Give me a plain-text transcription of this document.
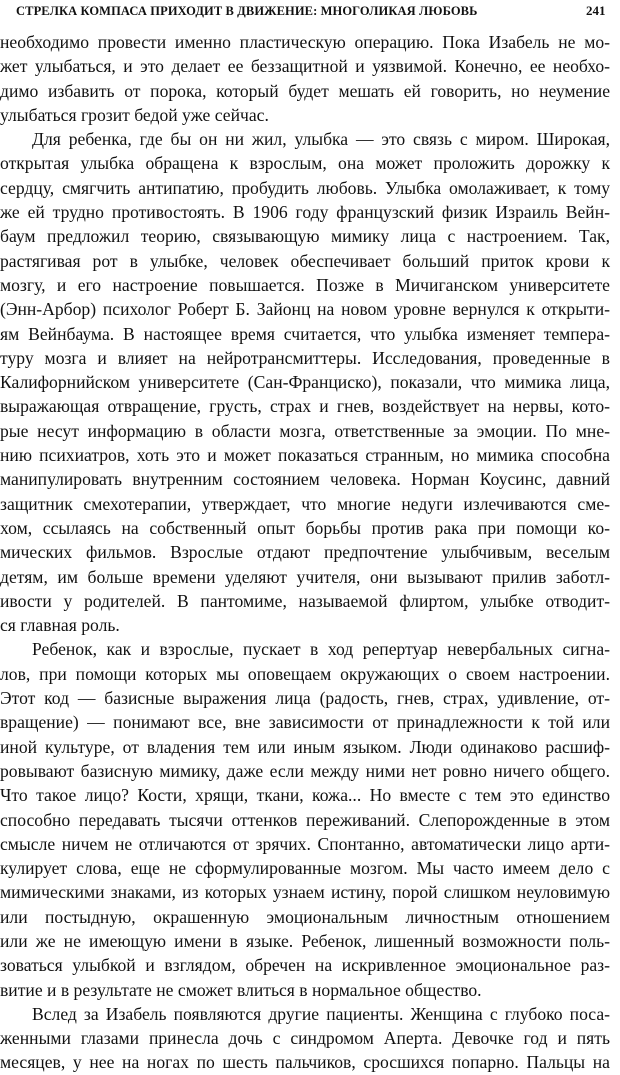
СТРЕЛКА КОМПАСА ПРИХОДИТ В ДВИЖЕНИЕ: МНОГОЛИКАЯ ЛЮБОВЬ	241
необходимо провести именно пластическую операцию. Пока Изабель не мо-
жет улыбаться, и это делает ее беззащитной и уязвимой. Конечно, ее необхо-
димо избавить от порока, который будет мешать ей говорить, но неумение
улыбаться грозит бедой уже сейчас.
Для ребенка, где бы он ни жил, улыбка — это связь с миром. Широкая,
открытая улыбка обращена к взрослым, она может проложить дорожку к
сердцу, смягчить антипатию, пробудить любовь. Улыбка омолаживает, к тому
же ей трудно противостоять. В 1906 году французский физик Израиль Вейн-
баум предложил теорию, связывающую мимику лица с настроением. Так,
растягивая рот в улыбке, человек обеспечивает больший приток крови к
мозгу, и его настроение повышается. Позже в Мичиганском университете
(Энн-Арбор) психолог Роберт Б. Зайонц на новом уровне вернулся к открыти-
ям Вейнбаума. В настоящее время считается, что улыбка изменяет темпера-
туру мозга и влияет на нейротрансмиттеры. Исследования, проведенные в
Калифорнийском университете (Сан-Франциско), показали, что мимика лица,
выражающая отвращение, грусть, страх и гнев, воздействует на нервы, кото-
рые несут информацию в области мозга, ответственные за эмоции. По мне-
нию психиатров, хоть это и может показаться странным, но мимика способна
манипулировать внутренним состоянием человека. Норман Коусинс, давний
защитник смехотерапии, утверждает, что многие недуги излечиваются сме-
хом, ссылаясь на собственный опыт борьбы против рака при помощи ко-
мических фильмов. Взрослые отдают предпочтение улыбчивым, веселым
детям, им больше времени уделяют учителя, они вызывают прилив заботл-
ивости у родителей. В пантомиме, называемой флиртом, улыбке отводит-
ся главная роль.
Ребенок, как и взрослые, пускает в ход репертуар невербальных сигна-
лов, при помощи которых мы оповещаем окружающих о своем настроении.
Этот код — базисные выражения лица (радость, гнев, страх, удивление, от-
вращение) — понимают все, вне зависимости от принадлежности к той или
иной культуре, от владения тем или иным языком. Люди одинаково расшиф-
ровывают базисную мимику, даже если между ними нет ровно ничего общего.
Что такое лицо? Кости, хрящи, ткани, кожа... Но вместе с тем это единство
способно передавать тысячи оттенков переживаний. Слепорожденные в этом
смысле ничем не отличаются от зрячих. Спонтанно, автоматически лицо арти-
кулирует слова, еще не сформулированные мозгом. Мы часто имеем дело с
мимическими знаками, из которых узнаем истину, порой слишком неуловимую
или постыдную, окрашенную эмоциональным личностным отношением
или же не имеющую имени в языке. Ребенок, лишенный возможности поль-
зоваться улыбкой и взглядом, обречен на искривленное эмоциональное раз-
витие и в результате не сможет влиться в нормальное общество.
Вслед за Изабель появляются другие пациенты. Женщина с глубоко поса-
женными глазами принесла дочь с синдромом Аперта. Девочке год и пять
месяцев, у нее на ногах по шесть пальчиков, сросшихся попарно. Пальцы на
